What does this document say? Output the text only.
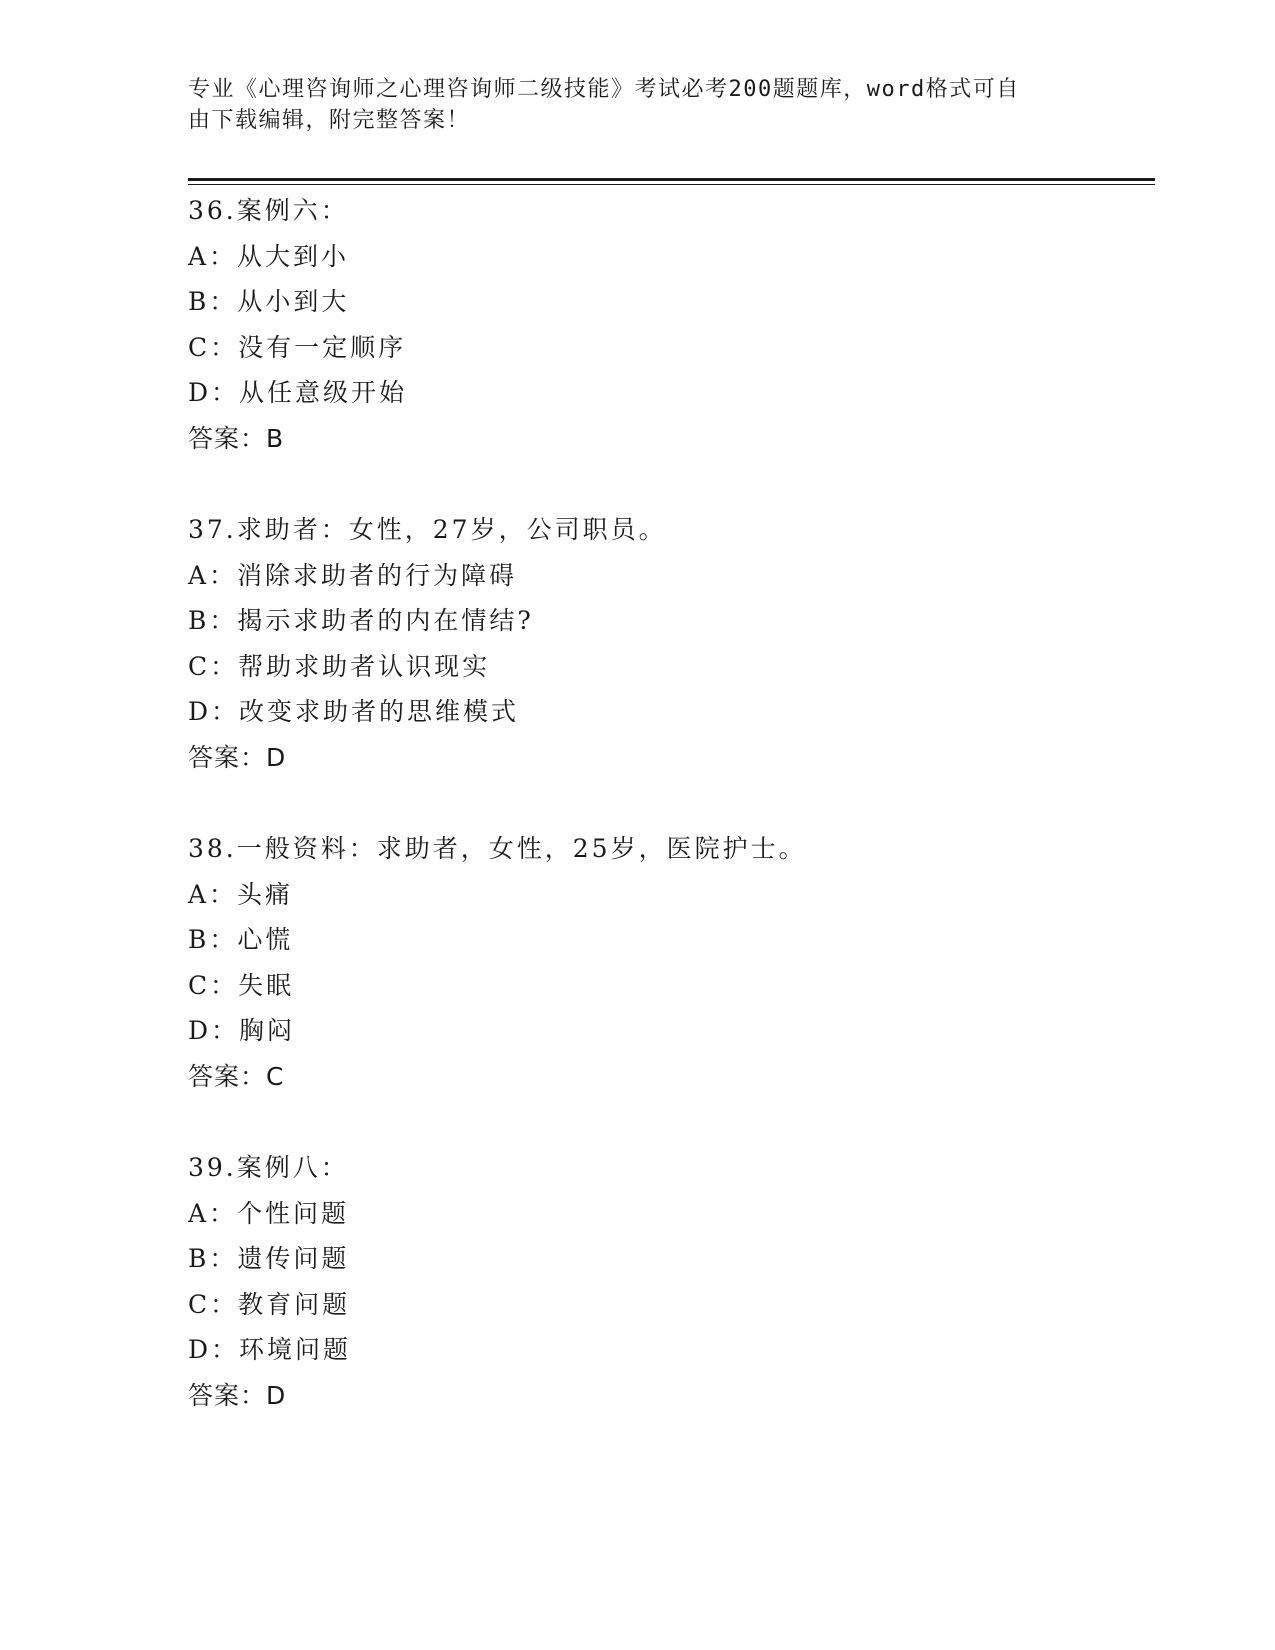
专业《心理咨询师之心理咨询师二级技能》考试必考200题题库，word格式可自
由下载编辑，附完整答案！
36.案例六：
A：从大到小
B：从小到大
C：没有一定顺序
D：从任意级开始
答案：B
37.求助者：女性，27岁，公司职员。
A：消除求助者的行为障碍
B：揭示求助者的内在情结?
C：帮助求助者认识现实
D：改变求助者的思维模式
答案：D
38.一般资料：求助者，女性，25岁，医院护士。
A：头痛
B：心慌
C：失眠
D：胸闷
答案：C
39.案例八：
A：个性问题
B：遗传问题
C：教育问题
D：环境问题
答案：D
